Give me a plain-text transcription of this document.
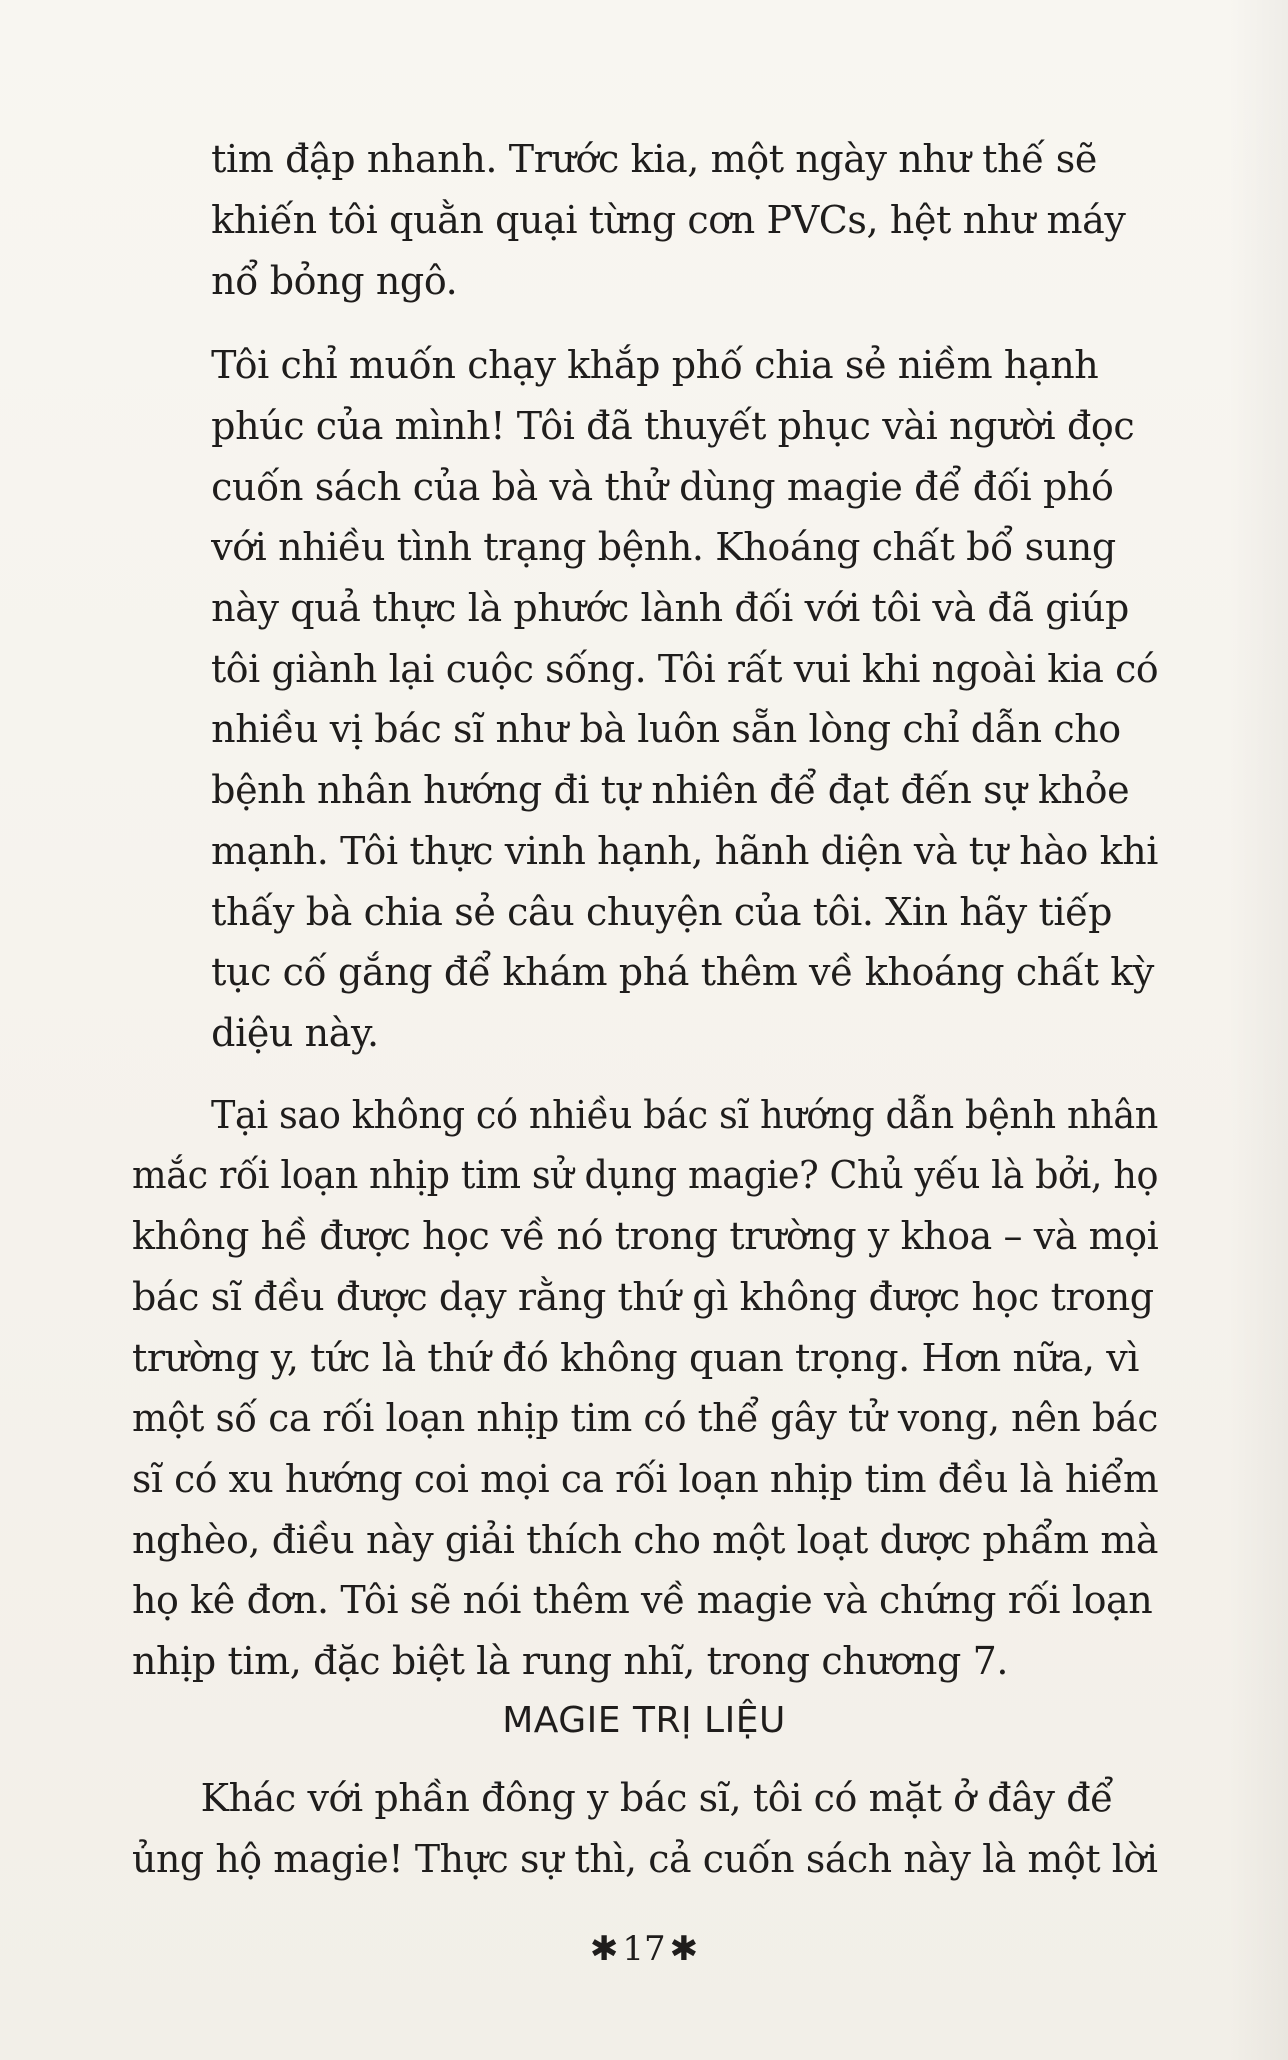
tim đập nhanh. Trước kia, một ngày như thế sẽ
khiến tôi quằn quại từng cơn PVCs, hệt như máy
nổ bỏng ngô.
Tôi chỉ muốn chạy khắp phố chia sẻ niềm hạnh
phúc của mình! Tôi đã thuyết phục vài người đọc
cuốn sách của bà và thử dùng magie để đối phó
với nhiều tình trạng bệnh. Khoáng chất bổ sung
này quả thực là phước lành đối với tôi và đã giúp
tôi giành lại cuộc sống. Tôi rất vui khi ngoài kia có
nhiều vị bác sĩ như bà luôn sẵn lòng chỉ dẫn cho
bệnh nhân hướng đi tự nhiên để đạt đến sự khỏe
mạnh. Tôi thực vinh hạnh, hãnh diện và tự hào khi
thấy bà chia sẻ câu chuyện của tôi. Xin hãy tiếp
tục cố gắng để khám phá thêm về khoáng chất kỳ
diệu này.
Tại sao không có nhiều bác sĩ hướng dẫn bệnh nhân
mắc rối loạn nhịp tim sử dụng magie? Chủ yếu là bởi, họ
không hề được học về nó trong trường y khoa – và mọi
bác sĩ đều được dạy rằng thứ gì không được học trong
trường y, tức là thứ đó không quan trọng. Hơn nữa, vì
một số ca rối loạn nhịp tim có thể gây tử vong, nên bác
sĩ có xu hướng coi mọi ca rối loạn nhịp tim đều là hiểm
nghèo, điều này giải thích cho một loạt dược phẩm mà
họ kê đơn. Tôi sẽ nói thêm về magie và chứng rối loạn
nhịp tim, đặc biệt là rung nhĩ, trong chương 7.
Khác với phần đông y bác sĩ, tôi có mặt ở đây để
ủng hộ magie! Thực sự thì, cả cuốn sách này là một lời
MAGIE TRỊ LIỆU
✱ 17 ✱
